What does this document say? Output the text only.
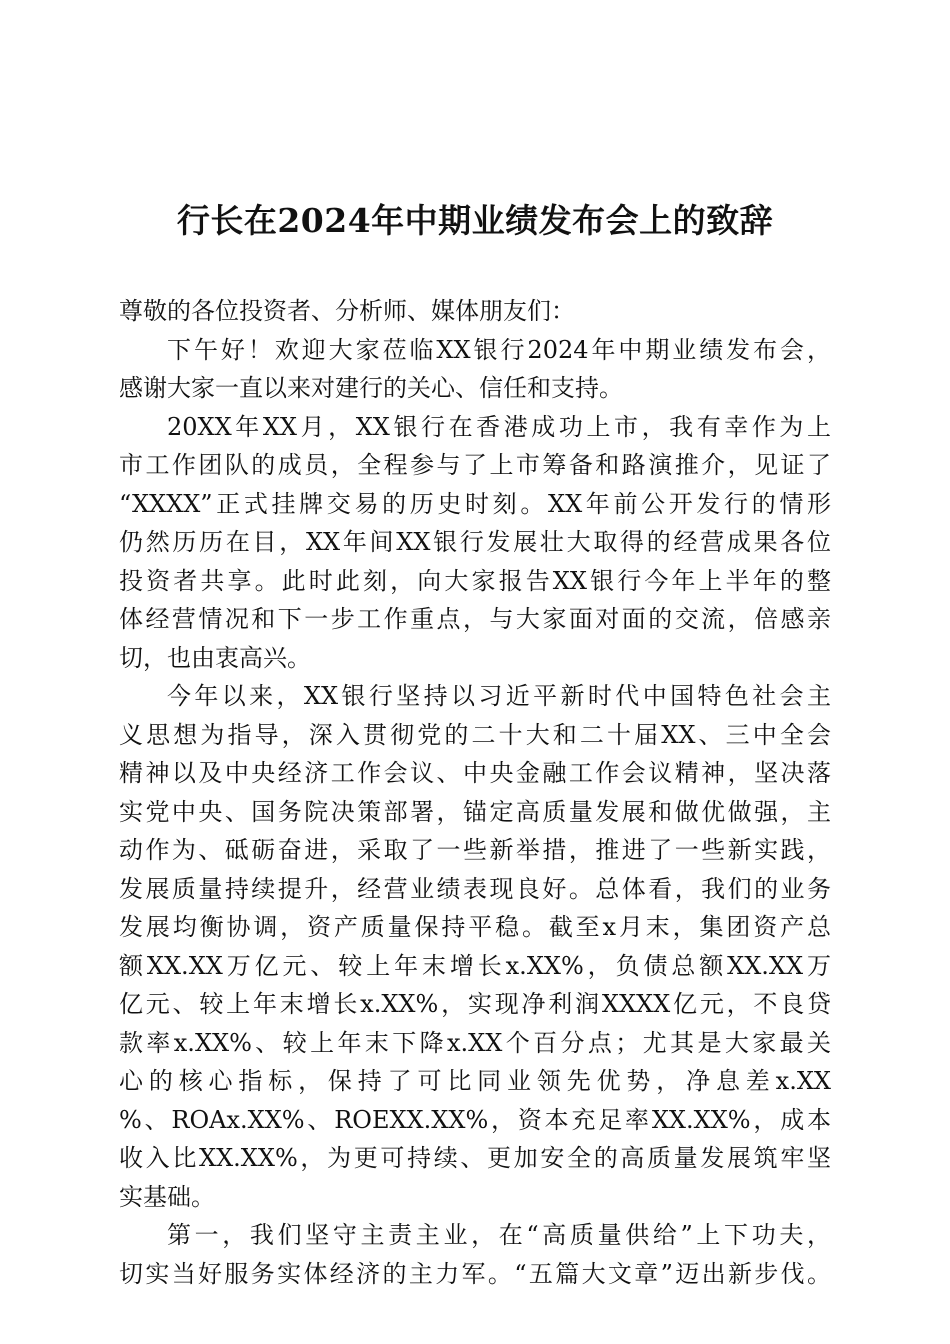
行长在2024年中期业绩发布会上的致辞
尊敬的各位投资者、分析师、媒体朋友们：
下午好！欢迎大家莅临XX银行2024年中期业绩发布会，
感谢大家一直以来对建行的关心、信任和支持。
20XX年XX月，XX银行在香港成功上市，我有幸作为上
市工作团队的成员，全程参与了上市筹备和路演推介，见证了
“XXXX”正式挂牌交易的历史时刻。XX年前公开发行的情形
仍然历历在目，XX年间XX银行发展壮大取得的经营成果各位
投资者共享。此时此刻，向大家报告XX银行今年上半年的整
体经营情况和下一步工作重点，与大家面对面的交流，倍感亲
切，也由衷高兴。
今年以来，XX银行坚持以习近平新时代中国特色社会主
义思想为指导，深入贯彻党的二十大和二十届XX、三中全会
精神以及中央经济工作会议、中央金融工作会议精神，坚决落
实党中央、国务院决策部署，锚定高质量发展和做优做强，主
动作为、砥砺奋进，采取了一些新举措，推进了一些新实践，
发展质量持续提升，经营业绩表现良好。总体看，我们的业务
发展均衡协调，资产质量保持平稳。截至x月末，集团资产总
额XX.XX万亿元、较上年末增长x.XX%，负债总额XX.XX万
亿元、较上年末增长x.XX%，实现净利润XXXX亿元，不良贷
款率x.XX%、较上年末下降x.XX个百分点；尤其是大家最关
心的核心指标，保持了可比同业领先优势，净息差x.XX
%、ROAx.XX%、ROEXX.XX%，资本充足率XX.XX%，成本
收入比XX.XX%，为更可持续、更加安全的高质量发展筑牢坚
实基础。
第一，我们坚守主责主业，在“高质量供给”上下功夫，
切实当好服务实体经济的主力军。“五篇大文章”迈出新步伐。
